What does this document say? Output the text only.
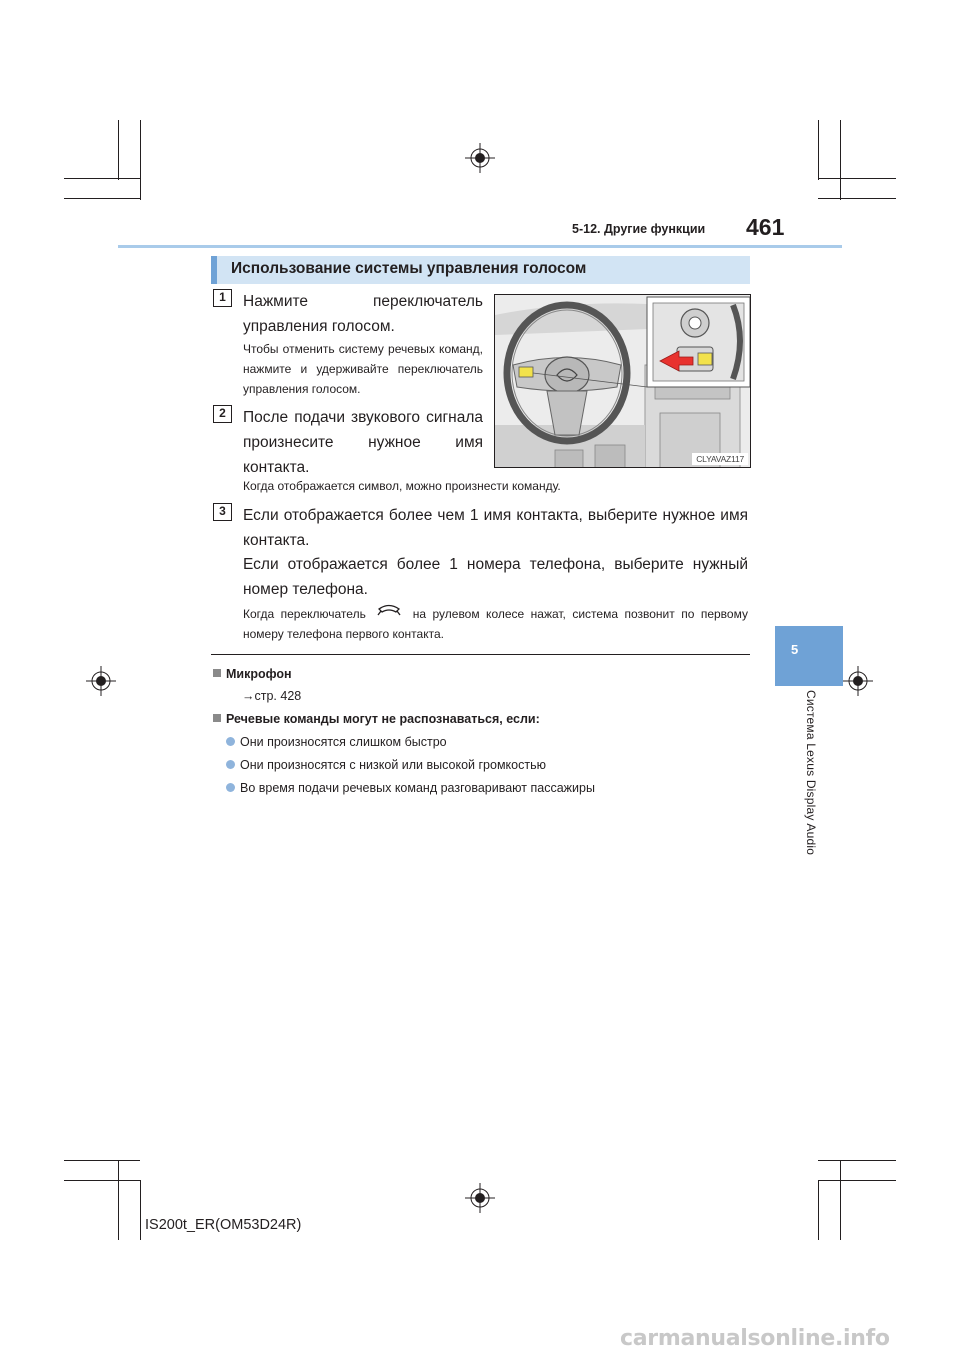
5-12. Другие функции 461
5
Система Lexus Display Audio
Использование системы управления голосом
1	Нажмите переключатель управления голосом.
Чтобы отменить систему речевых команд, нажмите и удерживайте переключатель управления голосом.
2	После подачи звукового сигнала произнесите нужное имя контакта.
Когда отображается символ, можно произнести команду.
CLYAVAZ117
3	Если отображается более чем 1 имя контакта, выберите нужное имя контакта.
Если отображается более 1 номера телефона, выберите нужный номер телефона.
Когда переключатель	на рулевом колесе нажат, система позвонит по первому номеру телефона первого контакта.
Микрофон
→стр. 428
Речевые команды могут не распознаваться, если:
Они произносятся слишком быстро
Они произносятся с низкой или высокой громкостью
Во время подачи речевых команд разговаривают пассажиры
IS200t_ER(OM53D24R)
carmanualsonline.info
